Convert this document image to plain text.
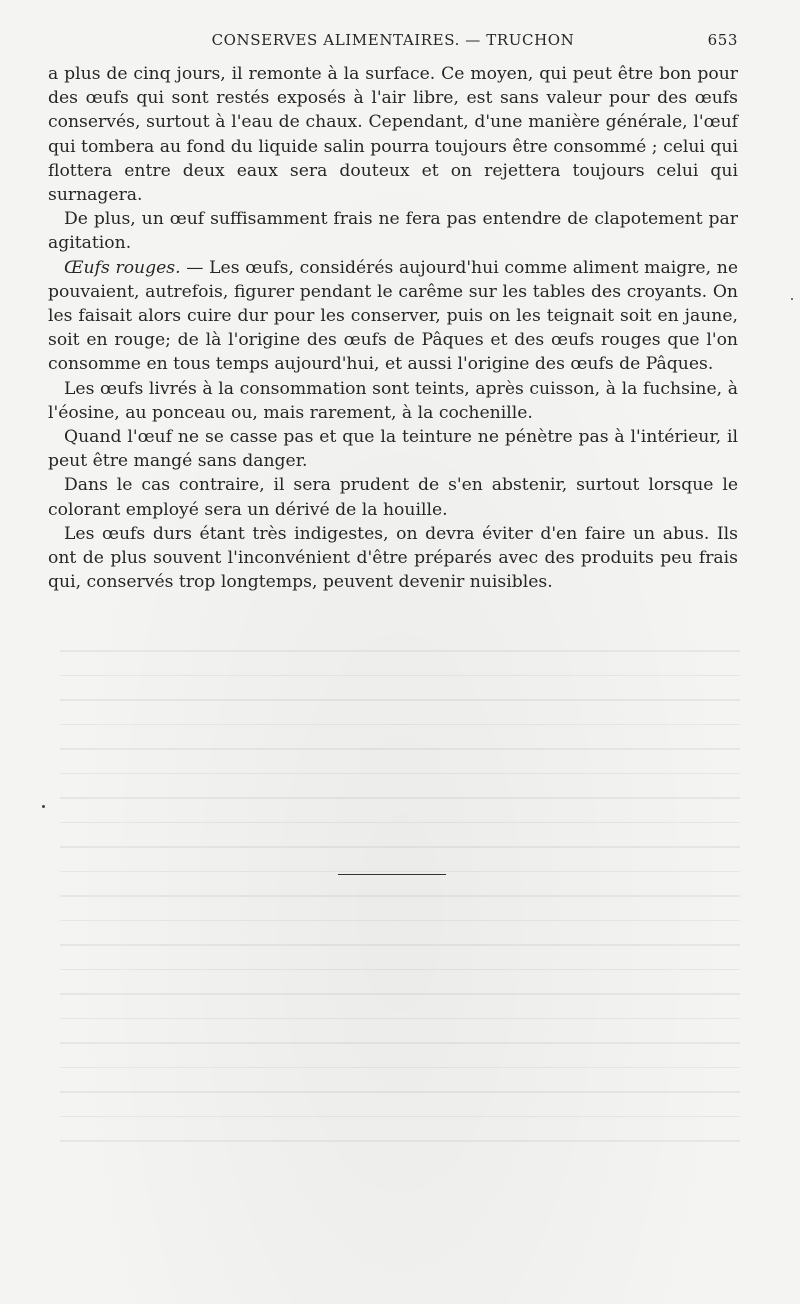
CONSERVES ALIMENTAIRES. — TRUCHON	653

a plus de cinq jours, il remonte à la surface. Ce moyen, qui peut être bon pour des œufs qui sont restés exposés à l'air libre, est sans valeur pour des œufs conservés, surtout à l'eau de chaux. Cependant, d'une manière générale, l'œuf qui tombera au fond du liquide salin pourra toujours être consommé ; celui qui flottera entre deux eaux sera douteux et on rejettera toujours celui qui surnagera.

De plus, un œuf suffisamment frais ne fera pas entendre de clapotement par agitation.

Œufs rouges. — Les œufs, considérés aujourd'hui comme aliment maigre, ne pouvaient, autrefois, figurer pendant le carême sur les tables des croyants. On les faisait alors cuire dur pour les conserver, puis on les teignait soit en jaune, soit en rouge; de là l'origine des œufs de Pâques et des œufs rouges que l'on consomme en tous temps aujourd'hui, et aussi l'origine des œufs de Pâques.

Les œufs livrés à la consommation sont teints, après cuisson, à la fuchsine, à l'éosine, au ponceau ou, mais rarement, à la cochenille.

Quand l'œuf ne se casse pas et que la teinture ne pénètre pas à l'intérieur, il peut être mangé sans danger.

Dans le cas contraire, il sera prudent de s'en abstenir, surtout lorsque le colorant employé sera un dérivé de la houille.

Les œufs durs étant très indigestes, on devra éviter d'en faire un abus. Ils ont de plus souvent l'inconvénient d'être préparés avec des produits peu frais qui, conservés trop longtemps, peuvent devenir nuisibles.
